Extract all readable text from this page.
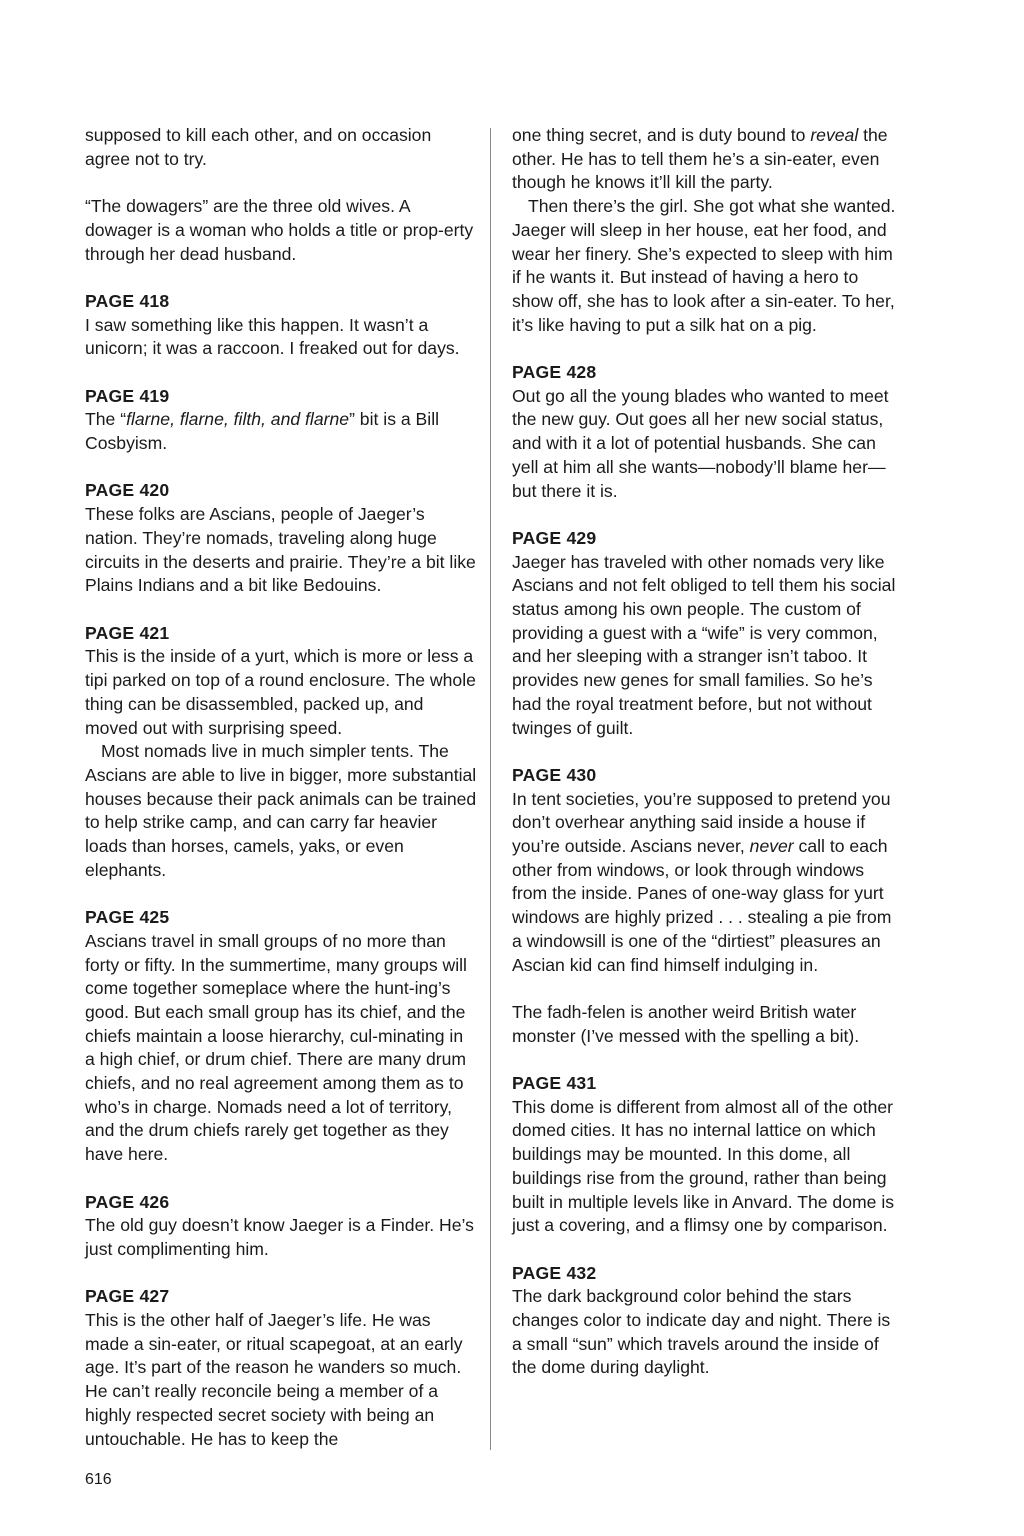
supposed to kill each other, and on occasion agree not to try.

“The dowagers” are the three old wives. A dowager is a woman who holds a title or prop-erty through her dead husband.

PAGE 418

I saw something like this happen. It wasn’t a unicorn; it was a raccoon. I freaked out for days.

PAGE 419

The “flarne, flarne, filth, and flarne” bit is a Bill Cosbyism.

PAGE 420

These folks are Ascians, people of Jaeger’s nation. They’re nomads, traveling along huge circuits in the deserts and prairie. They’re a bit like Plains Indians and a bit like Bedouins.

PAGE 421

This is the inside of a yurt, which is more or less a tipi parked on top of a round enclosure. The whole thing can be disassembled, packed up, and moved out with surprising speed.

Most nomads live in much simpler tents. The Ascians are able to live in bigger, more substantial houses because their pack animals can be trained to help strike camp, and can carry far heavier loads than horses, camels, yaks, or even elephants.

PAGE 425

Ascians travel in small groups of no more than forty or fifty. In the summertime, many groups will come together someplace where the hunt-ing’s good. But each small group has its chief, and the chiefs maintain a loose hierarchy, cul-minating in a high chief, or drum chief. There are many drum chiefs, and no real agreement among them as to who’s in charge. Nomads need a lot of territory, and the drum chiefs rarely get together as they have here.

PAGE 426

The old guy doesn’t know Jaeger is a Finder. He’s just complimenting him.

PAGE 427

This is the other half of Jaeger’s life. He was made a sin-eater, or ritual scapegoat, at an early age. It’s part of the reason he wanders so much. He can’t really reconcile being a member of a highly respected secret society with being an untouchable. He has to keep the

one thing secret, and is duty bound to reveal the other. He has to tell them he’s a sin-eater, even though he knows it’ll kill the party.

Then there’s the girl. She got what she wanted. Jaeger will sleep in her house, eat her food, and wear her finery. She’s expected to sleep with him if he wants it. But instead of having a hero to show off, she has to look after a sin-eater. To her, it’s like having to put a silk hat on a pig.

PAGE 428

Out go all the young blades who wanted to meet the new guy. Out goes all her new social status, and with it a lot of potential husbands. She can yell at him all she wants—nobody’ll blame her—but there it is.

PAGE 429

Jaeger has traveled with other nomads very like Ascians and not felt obliged to tell them his social status among his own people. The custom of providing a guest with a “wife” is very common, and her sleeping with a stranger isn’t taboo. It provides new genes for small families. So he’s had the royal treatment before, but not without twinges of guilt.

PAGE 430

In tent societies, you’re supposed to pretend you don’t overhear anything said inside a house if you’re outside. Ascians never, never call to each other from windows, or look through windows from the inside. Panes of one-way glass for yurt windows are highly prized . . . stealing a pie from a windowsill is one of the “dirtiest” pleasures an Ascian kid can find himself indulging in.

The fadh-felen is another weird British water monster (I’ve messed with the spelling a bit).

PAGE 431

This dome is different from almost all of the other domed cities. It has no internal lattice on which buildings may be mounted. In this dome, all buildings rise from the ground, rather than being built in multiple levels like in Anvard. The dome is just a covering, and a flimsy one by comparison.

PAGE 432

The dark background color behind the stars changes color to indicate day and night. There is a small “sun” which travels around the inside of the dome during daylight.

616
